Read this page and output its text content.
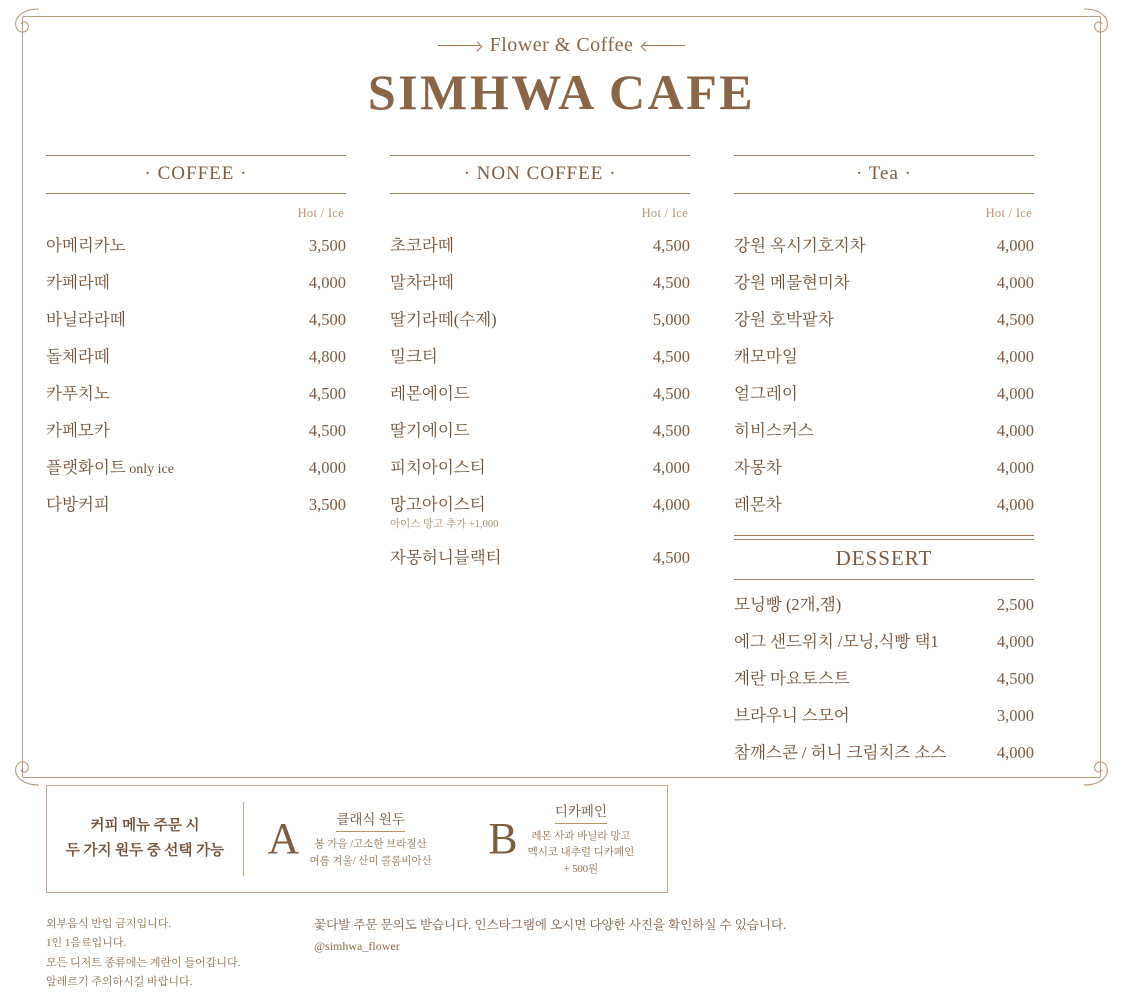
Flower & Coffee
SIMHWA CAFE
· COFFEE ·
Hot / Ice
아메리카노	3,500
카페라떼	4,000
바닐라라떼	4,500
돌체라떼	4,800
카푸치노	4,500
카페모카	4,500
플랫화이트 only ice	4,000
다방커피	3,500
· NON COFFEE ·
Hot / Ice
초코라떼	4,500
말차라떼	4,500
딸기라떼(수제)	5,000
밀크티	4,500
레몬에이드	4,500
딸기에이드	4,500
피치아이스티	4,000
망고아이스티
아이스 망고 추가 +1,000	4,000
자몽허니블랙티	4,500
· Tea ·
Hot / Ice
강원 옥시기호지차	4,000
강원 메물현미차	4,000
강원 호박팥차	4,500
캐모마일	4,000
얼그레이	4,000
히비스커스	4,000
자몽차	4,000
레몬차	4,000
DESSERT
모닝빵 (2개,잼)	2,500
에그 샌드위치 /모닝,식빵 택1	4,000
계란 마요토스트	4,500
브라우니 스모어	3,000
참깨스콘 / 허니 크림치즈 소스	4,000
커피 메뉴 주문 시
두 가지 원두 중 선택 가능 A	클래식 원두
봄 가을 /고소한 브라질산
여름 겨울/ 산미 콜롬비아산 B
디카페인
레몬 사과 바닐라 망고
멕시코 내추럴 디카페인
+ 500원
외부음식 반입 금지입니다.
1인 1음료입니다.
모든 디저트 종류에는 계란이 들어갑니다.
알레르기 주의하시길 바랍니다.
꽃다발 주문 문의도 받습니다. 인스타그램에 오시면 다양한 사진을 확인하실 수 있습니다.
@simhwa_flower
